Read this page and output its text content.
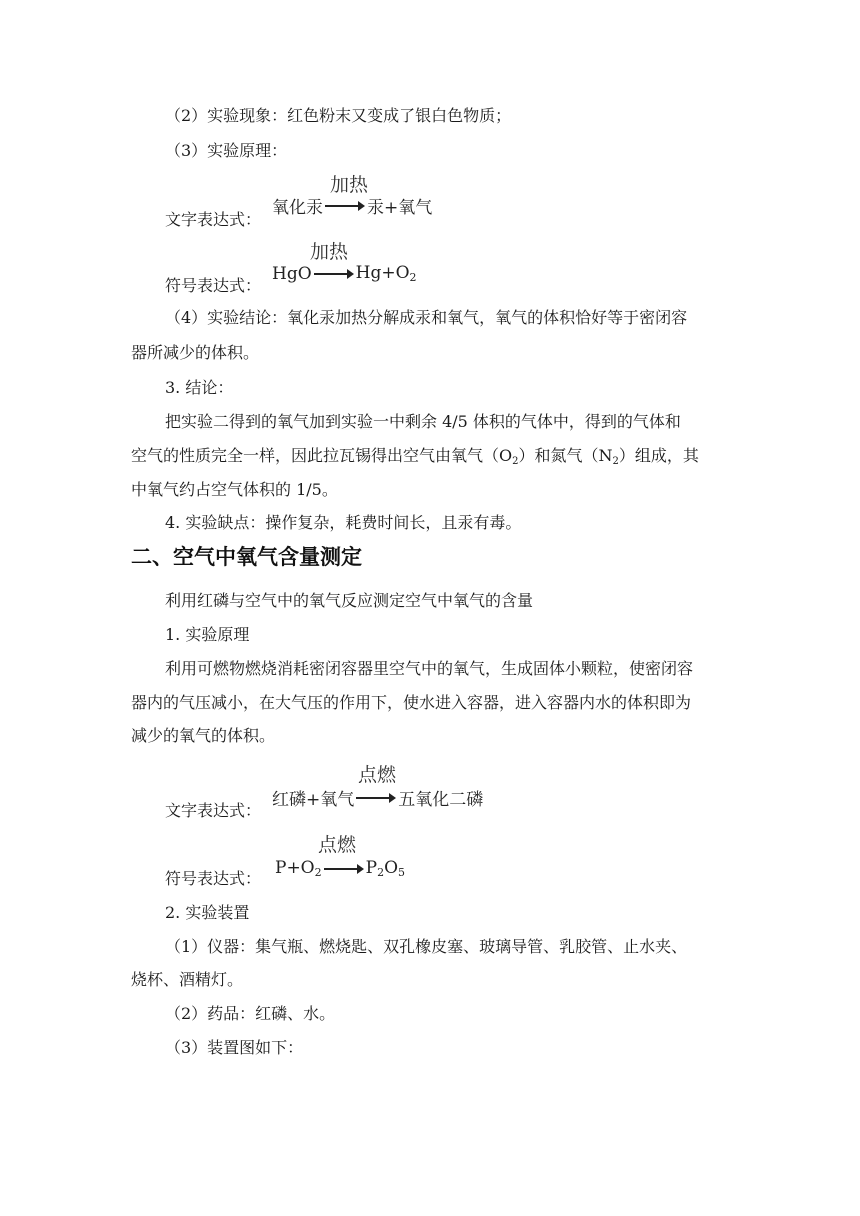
（2）实验现象：红色粉末又变成了银白色物质；
（3）实验原理：
文字表达式：
加热
氧化汞 → 汞+氧气
符号表达式：
加热
HgO → Hg+O2
（4）实验结论：氧化汞加热分解成汞和氧气，氧气的体积恰好等于密闭容
器所减少的体积。
3. 结论：
把实验二得到的氧气加到实验一中剩余 4/5 体积的气体中，得到的气体和
空气的性质完全一样，因此拉瓦锡得出空气由氧气$(O_2)$和氮气$(N_2)$组成，其
中氧气约占空气体积的 1/5。
4. 实验缺点：操作复杂，耗费时间长，且汞有毒。
二、空气中氧气含量测定
利用红磷与空气中的氧气反应测定空气中氧气的含量
1. 实验原理
利用可燃物燃烧消耗密闭容器里空气中的氧气，生成固体小颗粒，使密闭容
器内的气压减小，在大气压的作用下，使水进入容器，进入容器内水的体积即为
减少的氧气的体积。
文字表达式：
点燃
红磷+氧气 → 五氧化二磷
符号表达式：
点燃
P+O2 → P2O5
2. 实验装置
（1）仪器：集气瓶、燃烧匙、双孔橡皮塞、玻璃导管、乳胶管、止水夹、
烧杯、酒精灯。
（2）药品：红磷、水。
（3）装置图如下：
